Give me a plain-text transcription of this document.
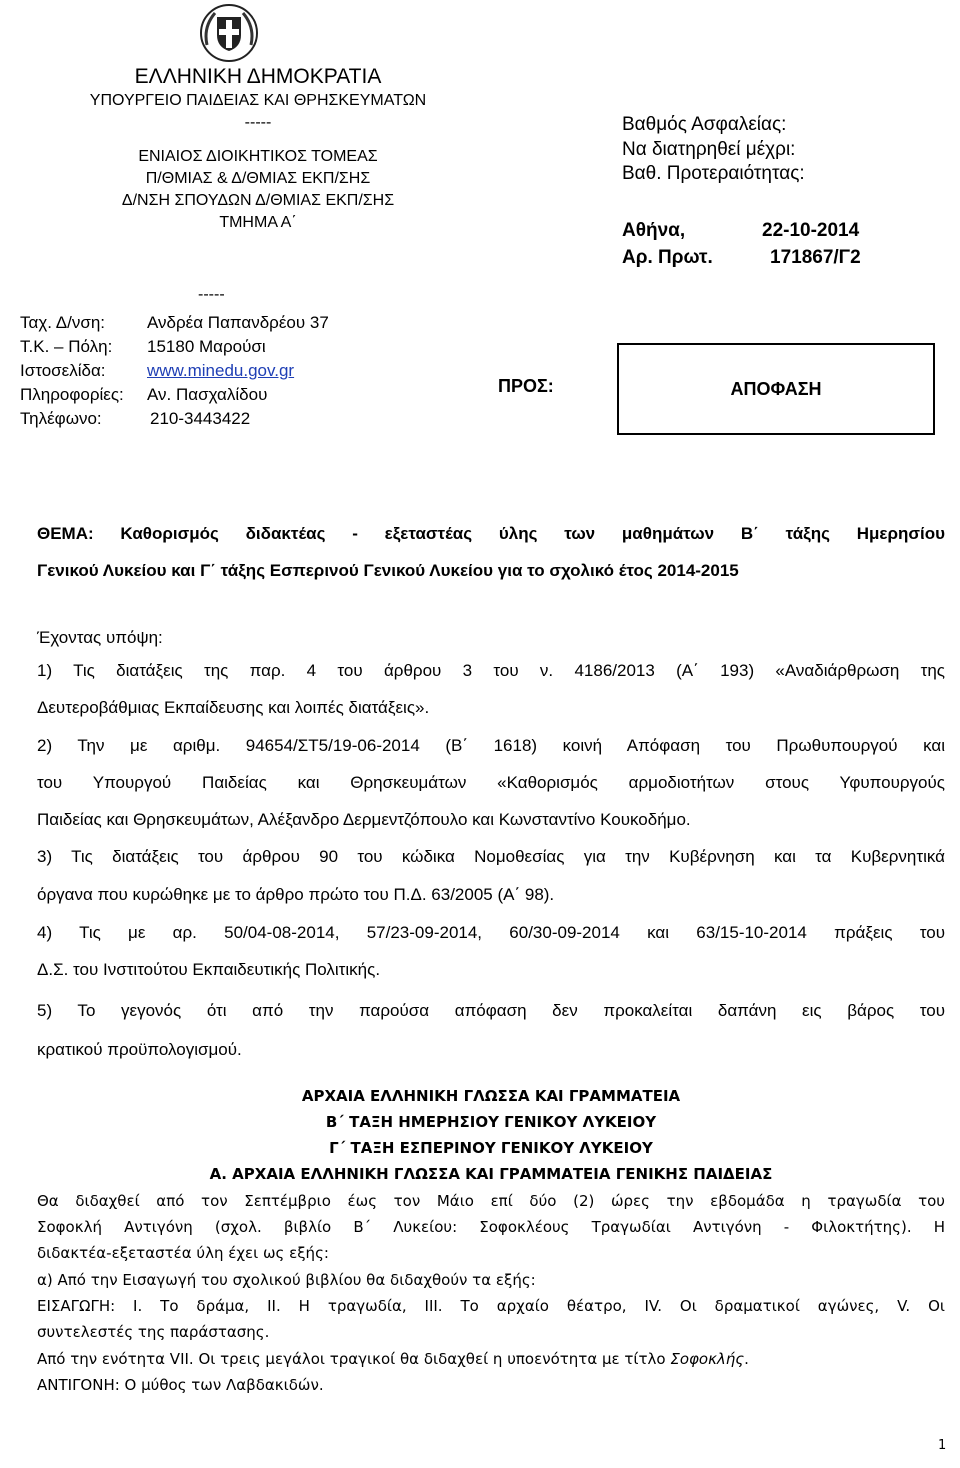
ΕΛΛΗΝΙΚΗ ΔΗΜΟΚΡΑΤΙΑ
ΥΠΟΥΡΓΕΙΟ ΠΑΙΔΕΙΑΣ ΚΑΙ ΘΡΗΣΚΕΥΜΑΤΩΝ
-----
ΕΝΙΑΙΟΣ ΔΙΟΙΚΗΤΙΚΟΣ ΤΟΜΕΑΣ
Π/ΘΜΙΑΣ & Δ/ΘΜΙΑΣ ΕΚΠ/ΣΗΣ
Δ/ΝΣΗ ΣΠΟΥΔΩΝ Δ/ΘΜΙΑΣ ΕΚΠ/ΣΗΣ
ΤΜΗΜΑ Α΄
-----
Ταχ. Δ/νση: Ανδρέα Παπανδρέου 37
Τ.Κ. – Πόλη: 15180 Μαρούσι
Ιστοσελίδα: www.minedu.gov.gr
Πληροφορίες: Αν. Πασχαλίδου
Τηλέφωνο:	210-3443422
Βαθμός Ασφαλείας:
Να διατηρηθεί μέχρι:
Βαθ. Προτεραιότητας:
Αθήνα,	22-10-2014
Αρ. Πρωτ.	171867/Γ2
ΠΡΟΣ:	ΑΠΟΦΑΣΗ
ΘΕΜΑ: Καθορισμός διδακτέας - εξεταστέας ύλης των μαθημάτων Β΄ τάξης Ημερησίου
Γενικού Λυκείου και Γ΄ τάξης Εσπερινού Γενικού Λυκείου για το σχολικό έτος 2014-2015
Έχοντας υπόψη:
1) Τις διατάξεις της παρ. 4 του άρθρου 3 του ν. 4186/2013 (Α΄ 193) «Αναδιάρθρωση της
Δευτεροβάθμιας Εκπαίδευσης και λοιπές διατάξεις».
2) Την με αριθμ. 94654/ΣΤ5/19-06-2014 (Β΄ 1618) κοινή Απόφαση του Πρωθυπουργού και
του Υπουργού Παιδείας και Θρησκευμάτων «Καθορισμός αρμοδιοτήτων στους Υφυπουργούς
Παιδείας και Θρησκευμάτων, Αλέξανδρο Δερμεντζόπουλο και Κωνσταντίνο Κουκοδήμο.
3) Τις διατάξεις του άρθρου 90 του κώδικα Νομοθεσίας για την Κυβέρνηση και τα Κυβερνητικά
όργανα που κυρώθηκε με το άρθρο πρώτο του Π.Δ. 63/2005 (Α΄ 98).
4) Τις με αρ. 50/04-08-2014, 57/23-09-2014, 60/30-09-2014 και 63/15-10-2014 πράξεις του
Δ.Σ. του Ινστιτούτου Εκπαιδευτικής Πολιτικής.
5) Το γεγονός ότι από την παρούσα απόφαση δεν προκαλείται δαπάνη εις βάρος του
κρατικού προϋπολογισμού.
ΑΡΧΑΙΑ ΕΛΛΗΝΙΚΗ ΓΛΩΣΣΑ ΚΑΙ ΓΡΑΜΜΑΤΕΙΑ
Β΄ ΤΑΞΗ ΗΜΕΡΗΣΙΟΥ ΓΕΝΙΚΟΥ ΛΥΚΕΙΟΥ
Γ΄ ΤΑΞΗ ΕΣΠΕΡΙΝΟΥ ΓΕΝΙΚΟΥ ΛΥΚΕΙΟΥ
Α. ΑΡΧΑΙΑ ΕΛΛΗΝΙΚΗ ΓΛΩΣΣΑ ΚΑΙ ΓΡΑΜΜΑΤΕΙΑ ΓΕΝΙΚΗΣ ΠΑΙΔΕΙΑΣ
Θα διδαχθεί από τον Σεπτέμβριο έως τον Μάιο επί δύο (2) ώρες την εβδομάδα η τραγωδία του
Σοφοκλή Αντιγόνη (σχολ. βιβλίο Β΄ Λυκείου: Σοφοκλέους Τραγωδίαι Αντιγόνη - Φιλοκτήτης). Η
διδακτέα-εξεταστέα ύλη έχει ως εξής:
α) Από την Εισαγωγή του σχολικού βιβλίου θα διδαχθούν τα εξής:
ΕΙΣΑΓΩΓΗ: Ι. Το δράμα, ΙΙ. Η τραγωδία, ΙΙΙ. Το αρχαίο θέατρο, ΙV. Οι δραματικοί αγώνες, V. Οι
συντελεστές της παράστασης.
Από την ενότητα VII. Οι τρεις μεγάλοι τραγικοί θα διδαχθεί η υποενότητα με τίτλο Σοφοκλής.
ΑΝΤΙΓΟΝΗ: Ο μύθος των Λαβδακιδών.
1
